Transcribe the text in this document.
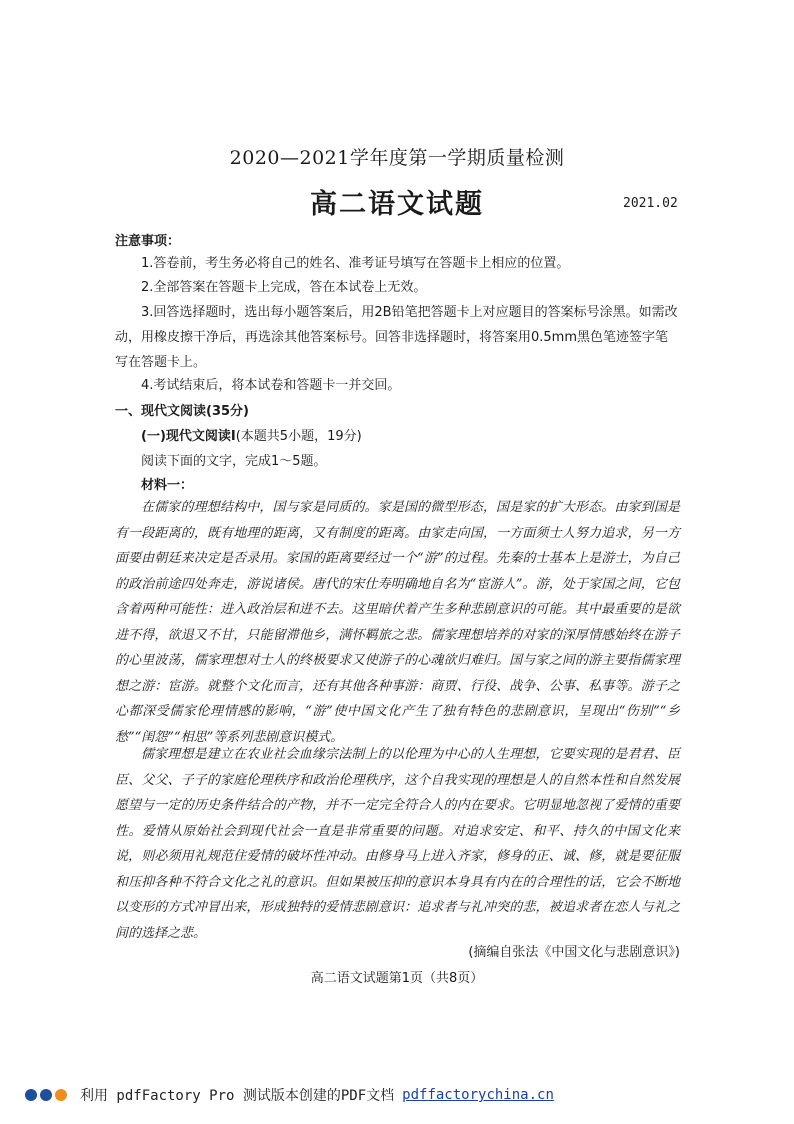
2020—2021学年度第一学期质量检测
高二语文试题	2021.02
注意事项：
1.答卷前，考生务必将自己的姓名、准考证号填写在答题卡上相应的位置。
2.全部答案在答题卡上完成，答在本试卷上无效。
3.回答选择题时，选出每小题答案后，用2B铅笔把答题卡上对应题目的答案标号涂黑。如需改动，用橡皮擦干净后，再选涂其他答案标号。回答非选择题时，将答案用0.5mm黑色笔迹签字笔写在答题卡上。
4.考试结束后，将本试卷和答题卡一并交回。
一、现代文阅读(35分)
(一)现代文阅读Ⅰ(本题共5小题，19分)
阅读下面的文字，完成1～5题。
材料一：
在儒家的理想结构中，国与家是同质的。家是国的微型形态，国是家的扩大形态。由家到国是有一段距离的，既有地理的距离，又有制度的距离。由家走向国，一方面须士人努力追求，另一方面要由朝廷来决定是否录用。家国的距离要经过一个“游”的过程。先秦的士基本上是游士，为自己的政治前途四处奔走，游说诸侯。唐代的宋仕寿明确地自名为“宦游人”。游，处于家国之间，它包含着两种可能性：进入政治层和进不去。这里暗伏着产生多种悲剧意识的可能。其中最重要的是欲进不得，欲退又不甘，只能留滞他乡，满怀羁旅之悲。儒家理想培养的对家的深厚情感始终在游子的心里波荡，儒家理想对士人的终极要求又使游子的心魂欲归难归。国与家之间的游主要指儒家理想之游：宦游。就整个文化而言，还有其他各种事游：商贾、行役、战争、公事、私事等。游子之心都深受儒家伦理情感的影响，“游”使中国文化产生了独有特色的悲剧意识，呈现出“伤别”“乡愁”“闺怨”“相思”等系列悲剧意识模式。
儒家理想是建立在农业社会血缘宗法制上的以伦理为中心的人生理想，它要实现的是君君、臣臣、父父、子子的家庭伦理秩序和政治伦理秩序，这个自我实现的理想是人的自然本性和自然发展愿望与一定的历史条件结合的产物，并不一定完全符合人的内在要求。它明显地忽视了爱情的重要性。爱情从原始社会到现代社会一直是非常重要的问题。对追求安定、和平、持久的中国文化来说，则必须用礼规范住爱情的破坏性冲动。由修身马上进入齐家，修身的正、诚、修，就是要征服和压抑各种不符合文化之礼的意识。但如果被压抑的意识本身具有内在的合理性的话，它会不断地以变形的方式冲冒出来，形成独特的爱情悲剧意识：追求者与礼冲突的悲，被追求者在恋人与礼之间的选择之悲。
(摘编自张法《中国文化与悲剧意识》)
高二语文试题第1页（共8页）
利用 pdfFactory Pro 测试版本创建的PDF文档 pdffactorychina.cn
